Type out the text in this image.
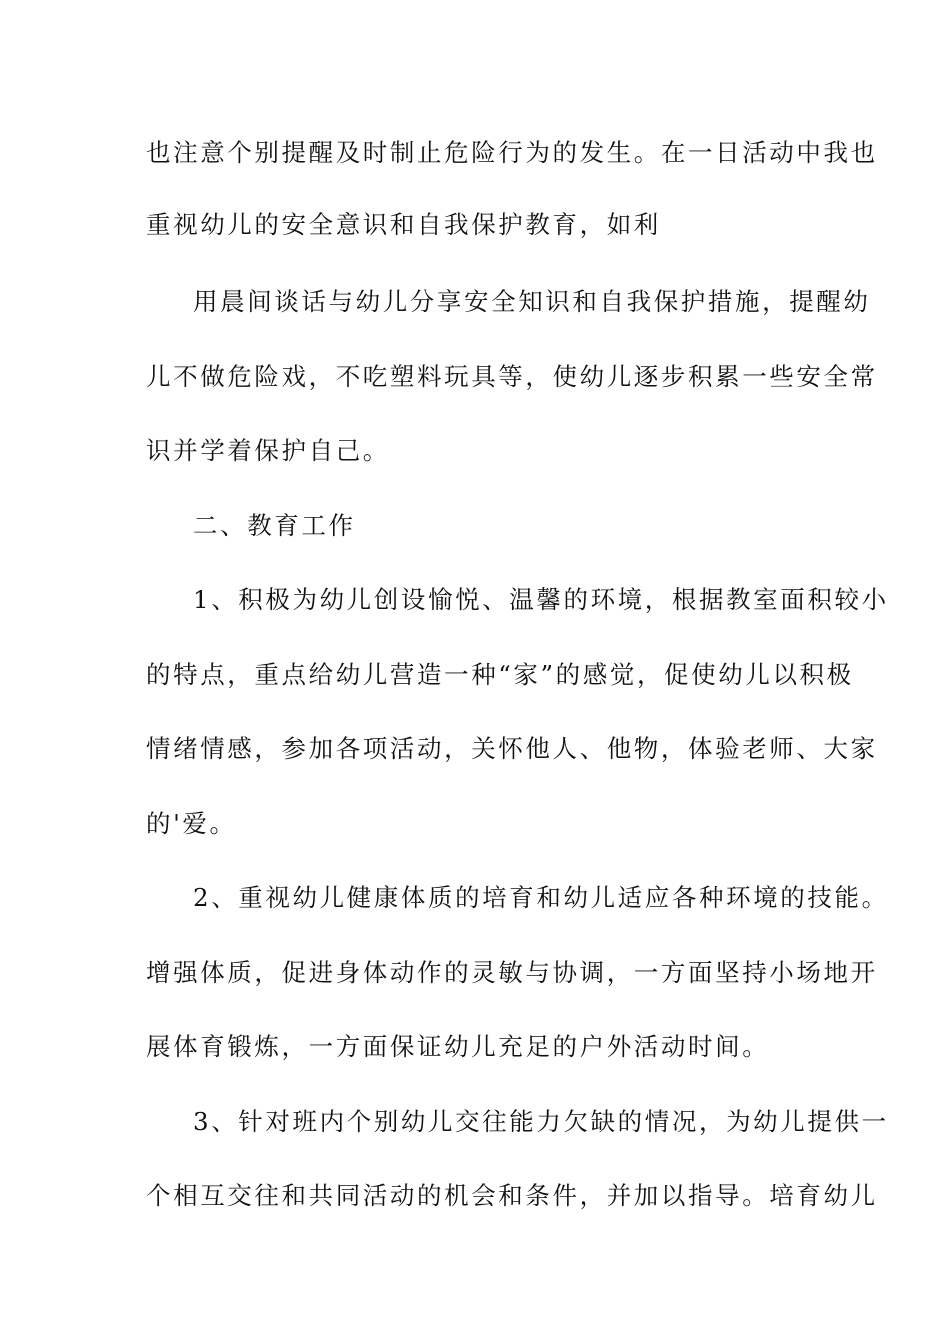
也注意个别提醒及时制止危险行为的发生。在一日活动中我也
重视幼儿的安全意识和自我保护教育，如利
用晨间谈话与幼儿分享安全知识和自我保护措施，提醒幼
儿不做危险戏，不吃塑料玩具等，使幼儿逐步积累一些安全常
识并学着保护自己。
二、教育工作
1、积极为幼儿创设愉悦、温馨的环境，根据教室面积较小
的特点，重点给幼儿营造一种“家”的感觉，促使幼儿以积极
情绪情感，参加各项活动，关怀他人、他物，体验老师、大家
的'爱。
2、重视幼儿健康体质的培育和幼儿适应各种环境的技能。
增强体质，促进身体动作的灵敏与协调，一方面坚持小场地开
展体育锻炼，一方面保证幼儿充足的户外活动时间。
3、针对班内个别幼儿交往能力欠缺的情况，为幼儿提供一
个相互交往和共同活动的机会和条件，并加以指导。培育幼儿
